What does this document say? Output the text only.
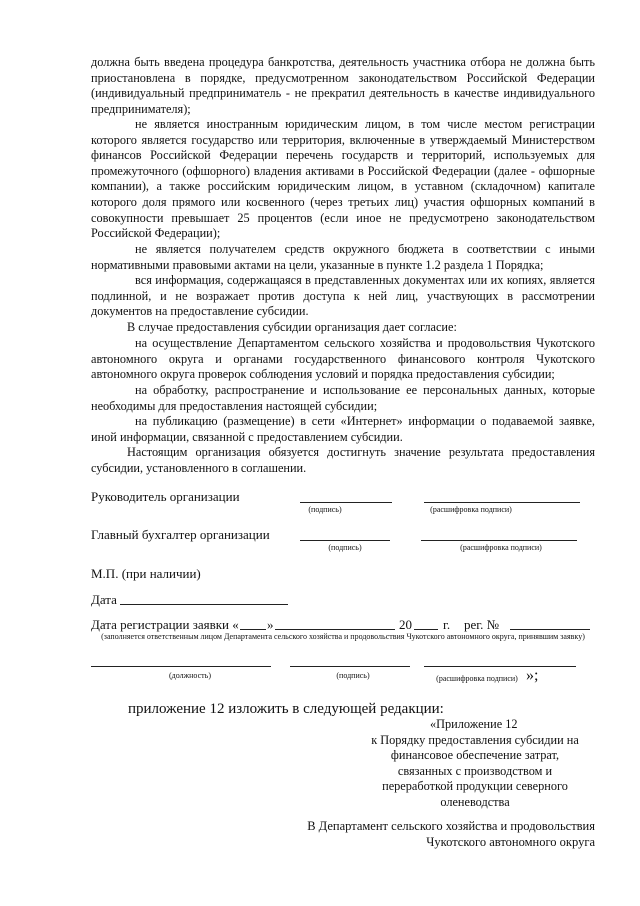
должна быть введена процедура банкротства, деятельность участника отбора не должна быть приостановлена в порядке, предусмотренном законодательством Российской Федерации (индивидуальный предприниматель - не прекратил деятельность в качестве индивидуального предпринимателя);
не является иностранным юридическим лицом, в том числе местом регистрации которого является государство или территория, включенные в утверждаемый Министерством финансов Российской Федерации перечень государств и территорий, используемых для промежуточного (офшорного) владения активами в Российской Федерации (далее - офшорные компании), а также российским юридическим лицом, в уставном (складочном) капитале которого доля прямого или косвенного (через третьих лиц) участия офшорных компаний в совокупности превышает 25 процентов (если иное не предусмотрено законодательством Российской Федерации);
не является получателем средств окружного бюджета в соответствии с иными нормативными правовыми актами на цели, указанные в пункте 1.2 раздела 1 Порядка;
вся информация, содержащаяся в представленных документах или их копиях, является подлинной, и не возражает против доступа к ней лиц, участвующих в рассмотрении документов на предоставление субсидии.
В случае предоставления субсидии организация дает согласие:
на осуществление Департаментом сельского хозяйства и продовольствия Чукотского автономного округа и органами государственного финансового контроля Чукотского автономного округа проверок соблюдения условий и порядка предоставления субсидии;
на обработку, распространение и использование ее персональных данных, которые необходимы для предоставления настоящей субсидии;
на публикацию (размещение) в сети «Интернет» информации о подаваемой заявке, иной информации, связанной с предоставлением субсидии.
Настоящим организация обязуется достигнуть значение результата предоставления субсидии, установленного в соглашении.
Руководитель организации
(подпись)	(расшифровка подписи)
Главный бухгалтер организации
(подпись)	(расшифровка подписи)
М.П. (при наличии)
Дата
Дата регистрации заявки « »	20 г. рег. №
(заполняется ответственным лицом Департамента сельского хозяйства и продовольствия Чукотского автономного округа, принявшим заявку)
(должность)	(подпись)	(расшифровка подписи) »;
приложение 12 изложить в следующей редакции:
«Приложение 12
к Порядку предоставления субсидии на
финансовое обеспечение затрат,
связанных с производством и
переработкой продукции северного
оленеводства
В Департамент сельского хозяйства и продовольствия
Чукотского автономного округа
